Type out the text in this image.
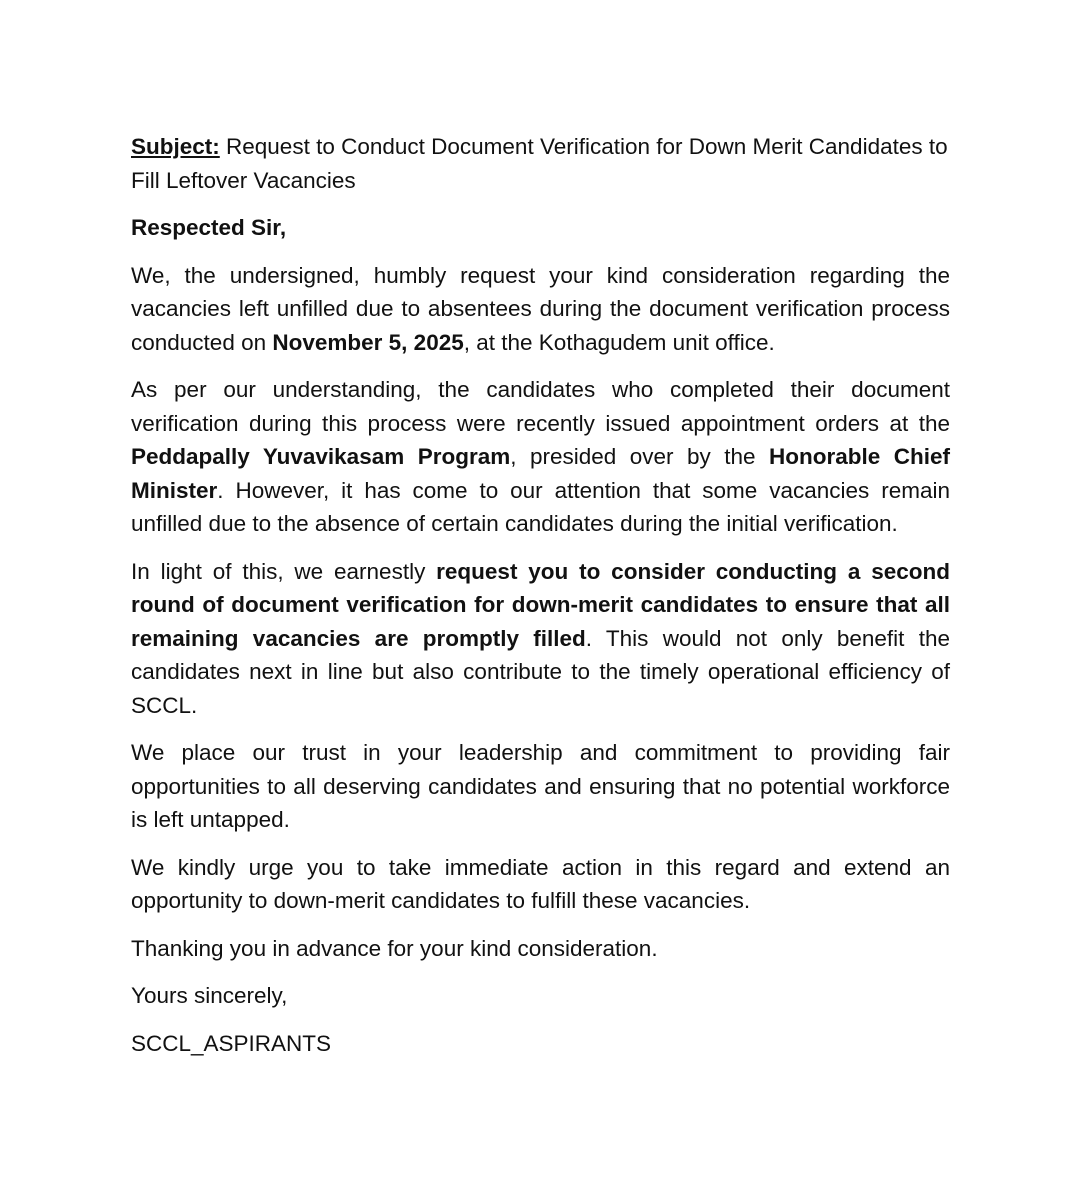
Subject: Request to Conduct Document Verification for Down Merit Candidates to Fill Leftover Vacancies

Respected Sir,

We, the undersigned, humbly request your kind consideration regarding the vacancies left unfilled due to absentees during the document verification process conducted on November 5, 2025, at the Kothagudem unit office.

As per our understanding, the candidates who completed their document verification during this process were recently issued appointment orders at the Peddapally Yuvavikasam Program, presided over by the Honorable Chief Minister. However, it has come to our attention that some vacancies remain unfilled due to the absence of certain candidates during the initial verification.

In light of this, we earnestly request you to consider conducting a second round of document verification for down-merit candidates to ensure that all remaining vacancies are promptly filled. This would not only benefit the candidates next in line but also contribute to the timely operational efficiency of SCCL.

We place our trust in your leadership and commitment to providing fair opportunities to all deserving candidates and ensuring that no potential workforce is left untapped.

We kindly urge you to take immediate action in this regard and extend an opportunity to down-merit candidates to fulfill these vacancies.

Thanking you in advance for your kind consideration.

Yours sincerely,

SCCL_ASPIRANTS
